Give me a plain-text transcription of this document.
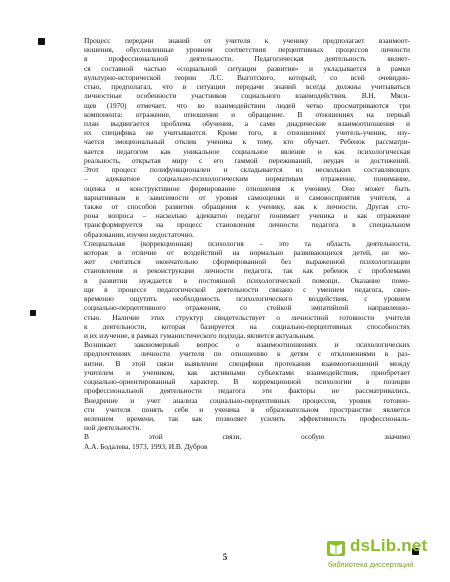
Процесс передачи знаний от учителя к ученику предполагает взаимоот-
ношения, обусловленные уровнем соответствия перцептивных процессов личности
в профессиональной деятельности. Педагогическая деятельность являет-
ся составной частью «социальной ситуации развития» и укладывается в рамки
культурно-исторической теории Л.С. Выготского, который, со всей очевидно-
стью, предполагал, что в ситуации передачи знаний всегда должны учитываться
личностные особенности участников социального взаимодействия. В.Н. Мяси-
щев (1970) отмечает, что во взаимодействии людей четко просматриваются три
компонента: отражение, отношение и обращение. В отношениях на первый
план выдвигается проблема обучения, а сами диадические взаимоотношения и
их специфика не учитываются. Кроме того, в отношениях учитель-ученик, изу-
чается эмоциональный отклик ученика к тому, кто обучает. Ребенок рассматри-
вается педагогом как уникальное социальное явление и как психологическая
реальность, открытая миру с его гаммой переживаний, неудач и достижений.
Этот процесс полифункционален и складывается из нескольких составляющих
– адекватное социально-психологическим нормативам отражение, понимание,
оценка и конструктивное формирование отношения к ученику. Оно может быть
вариативным в зависимости от уровня самооценки и самовосприятия учителя, а
также от способов развития обращения к ученику, как к личности. Другая сто-
рона вопроса – насколько адекватно педагог понимает ученика и как отражение
трансформируется на процесс становления личности педагога в специальном
образовании, изучен недостаточно.
Специальная (коррекционная) психология – это та область деятельности,
которая в отличие от воздействий на нормально развивающихся детей, не мо-
жет считаться окончательно сформированной без выраженной психологизации
становления и реконструкции личности педагога, так как ребенок с проблемами
в развитии нуждается в постоянной психологической помощи. Оказание помо-
щи в процессе педагогической деятельности связано с умением педагога, свое-
временно ощутить необходимость психологического воздействия, с уровнем
социально-перцептивного отражения, со стойкой эмпатийной направленно-
стью. Наличие этих структур свидетельствует о личностной готовности учителя
к деятельности, которая базируется на социально-перцептивных способностях
и их изучение, в рамках гуманистического подхода, является актуальным.
Возникает закономерный вопрос о взаимоотношениях и психологических
предпочтениях личности учителя по отношению к детям с отклонениями в раз-
витии. В этой связи выявление специфики протекания взаимоотношений между
учителем и учеником, как активными субъектами взаимодействия, приобретает
социально-ориентированный характер. В коррекционной психологии в позиции
профессиональной деятельности педагога эти факторы не рассматривались.
Внедрение и учет анализа социально-перцептивных процессов, уровня готовно-
сти учителя понять себя и ученика в образовательном пространстве является
велением времени, так как позволяет усилить эффективность профессиональ-
ной деятельности.
В этой связи, особую значимо
А.А. Бодалева, 1973, 1993; И.В. Дубров
5
dsLib.net
библиотека диссертаций
